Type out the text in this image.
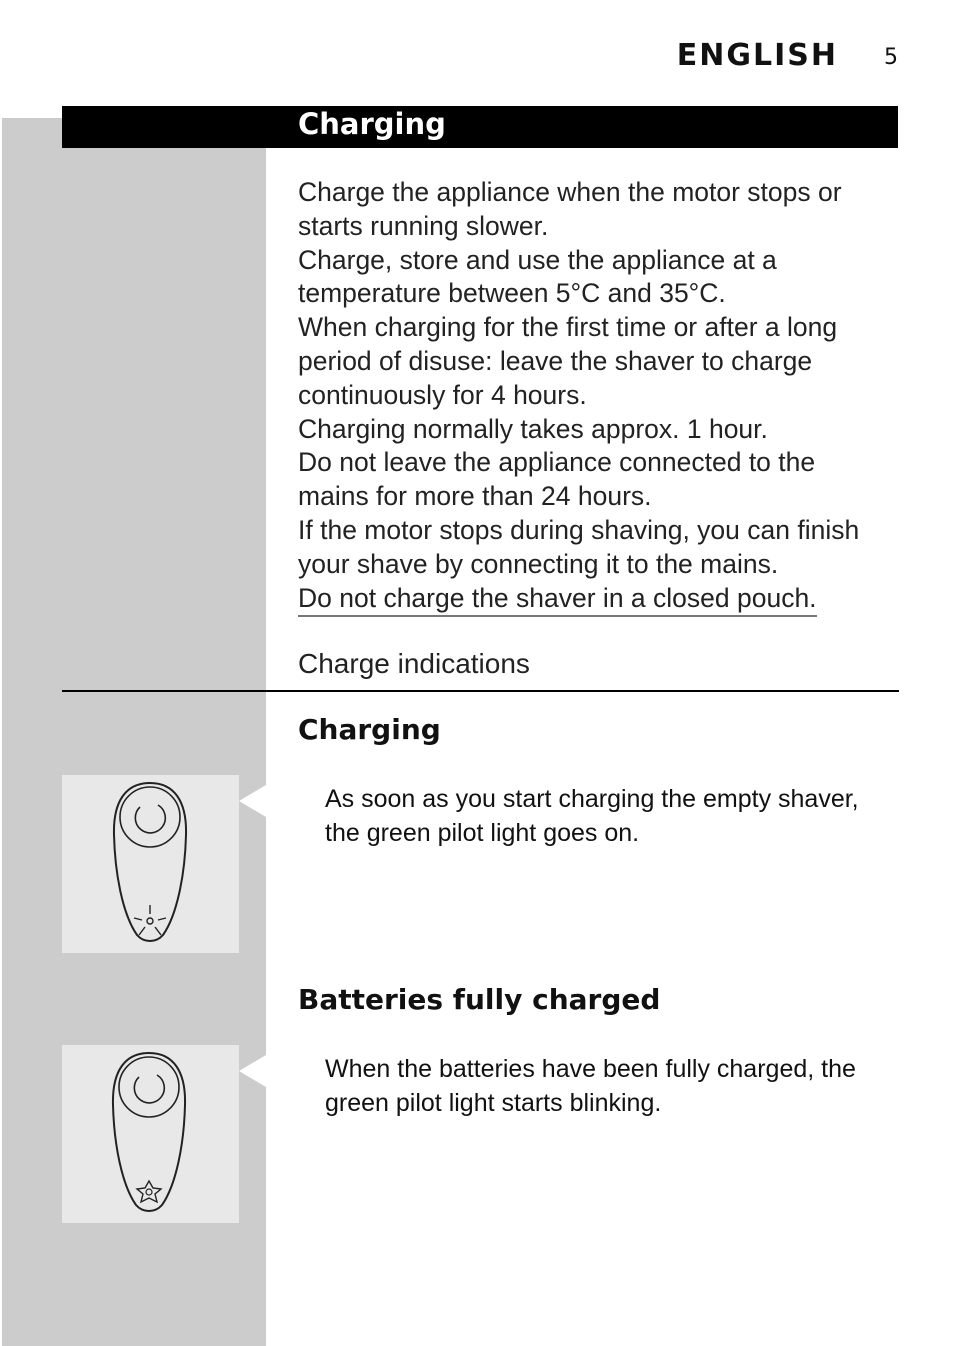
ENGLISH 5
Charging

Charge the appliance when the motor stops or starts running slower.

Charge, store and use the appliance at a temperature between 5°C and 35°C.

When charging for the first time or after a long period of disuse: leave the shaver to charge continuously for 4 hours.

Charging normally takes approx. 1 hour.

Do not leave the appliance connected to the mains for more than 24 hours.

If the motor stops during shaving, you can finish your shave by connecting it to the mains.

Do not charge the shaver in a closed pouch.

Charge indications
Charging
As soon as you start charging the empty shaver, the green pilot light goes on.
Batteries fully charged
When the batteries have been fully charged, the green pilot light starts blinking.
